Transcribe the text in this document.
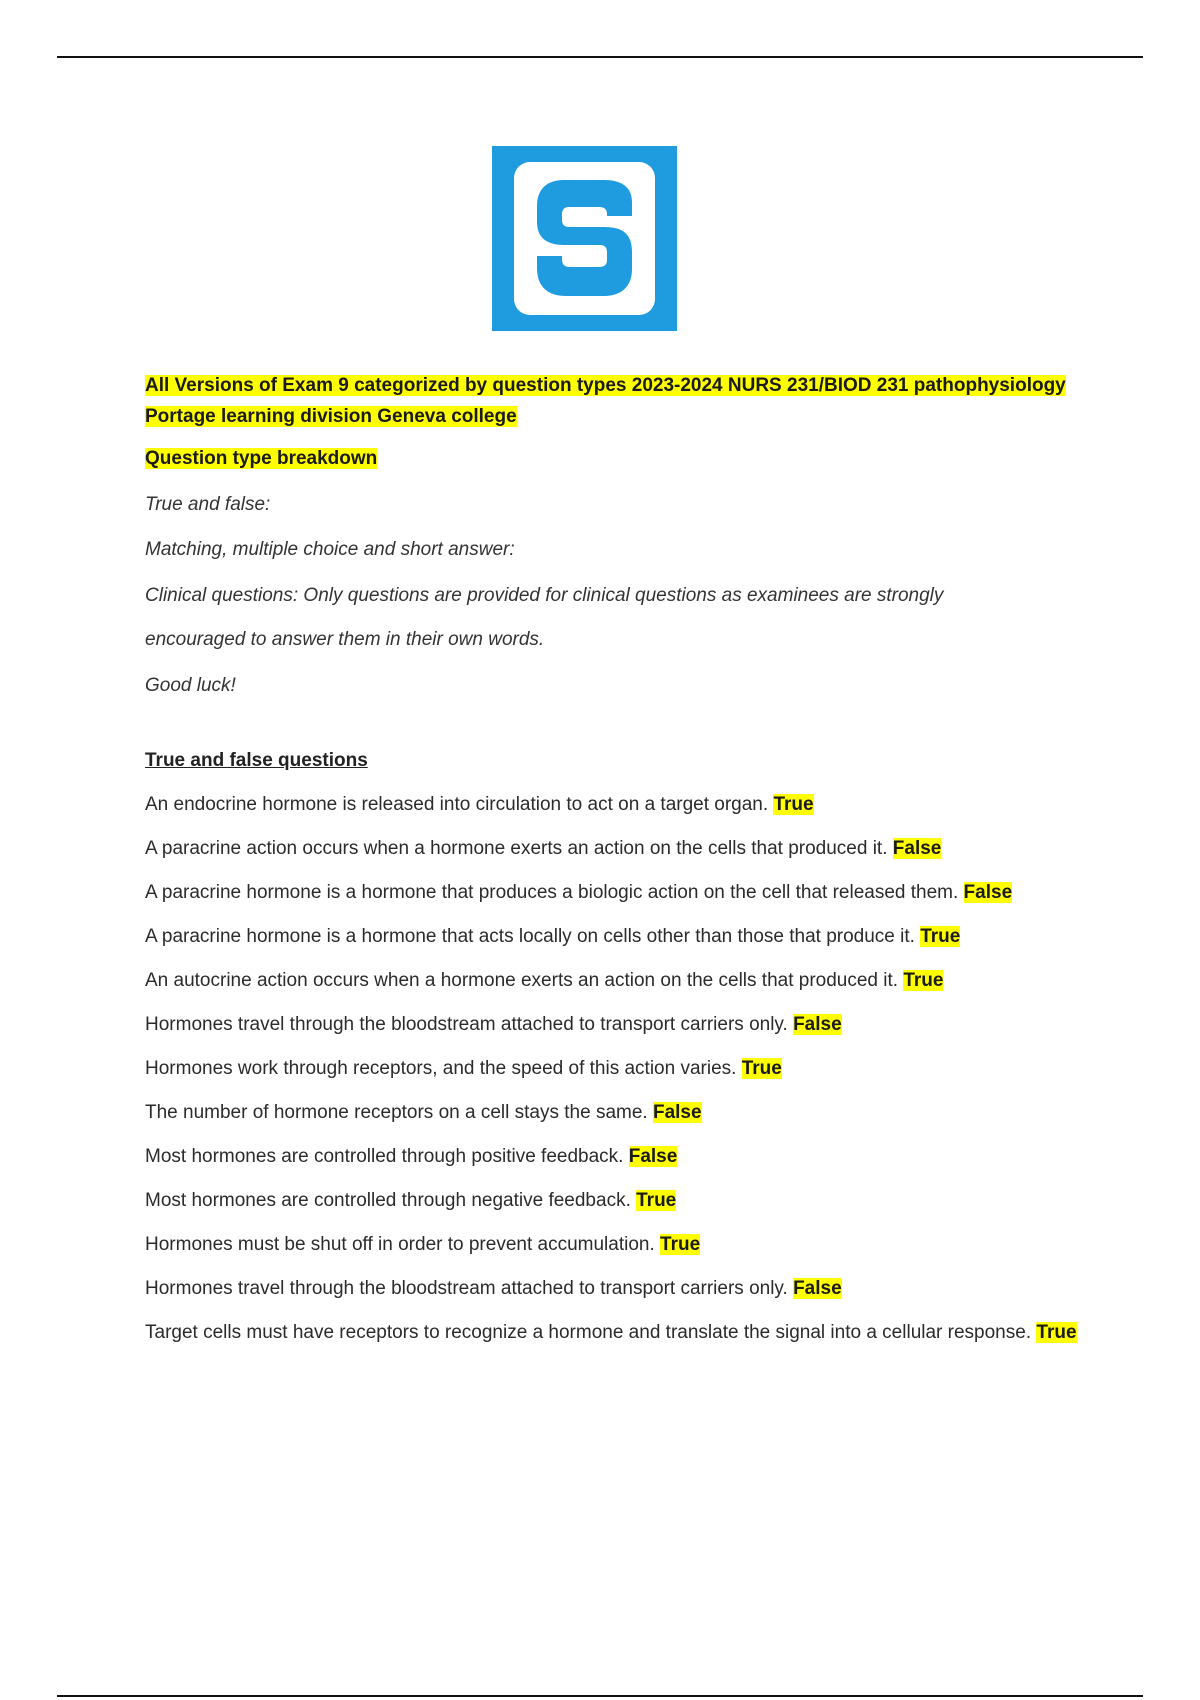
All Versions of Exam 9 categorized by question types 2023-2024 NURS 231/BIOD 231 pathophysiology Portage learning division Geneva college

Question type breakdown

True and false:

Matching, multiple choice and short answer:

Clinical questions: Only questions are provided for clinical questions as examinees are strongly

encouraged to answer them in their own words.

Good luck!

True and false questions

An endocrine hormone is released into circulation to act on a target organ. True

A paracrine action occurs when a hormone exerts an action on the cells that produced it. False

A paracrine hormone is a hormone that produces a biologic action on the cell that released them. False

A paracrine hormone is a hormone that acts locally on cells other than those that produce it. True

An autocrine action occurs when a hormone exerts an action on the cells that produced it. True

Hormones travel through the bloodstream attached to transport carriers only. False

Hormones work through receptors, and the speed of this action varies. True

The number of hormone receptors on a cell stays the same. False

Most hormones are controlled through positive feedback. False

Most hormones are controlled through negative feedback. True

Hormones must be shut off in order to prevent accumulation. True

Hormones travel through the bloodstream attached to transport carriers only. False

Target cells must have receptors to recognize a hormone and translate the signal into a cellular response. True
